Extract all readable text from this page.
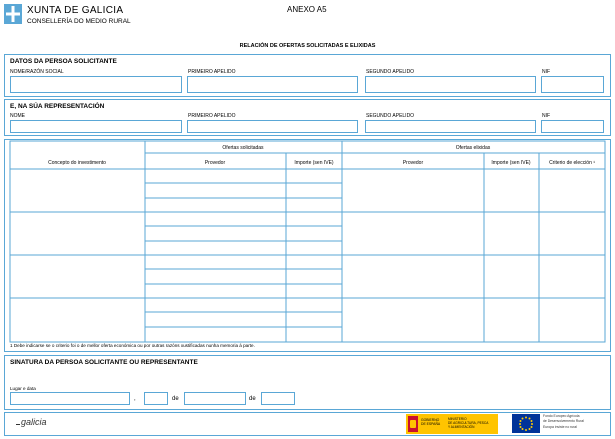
XUNTA DE GALICIA
CONSELLERÍA DO MEDIO RURAL
ANEXO A5
RELACIÓN DE OFERTAS SOLICITADAS E ELIXIDAS
DATOS DA PERSOA SOLICITANTE
NOME/RAZÓN SOCIAL	PRIMEIRO APELIDO	SEGUNDO APELIDO	NIF
E, NA SÚA REPRESENTACIÓN
NOME	PRIMEIRO APELIDO	SEGUNDO APELIDO	NIF
Concepto do investimento
Ofertas solicitadas	Ofertas elixidas
Provedor	Importe (sen IVE)	Provedor	Importe (sen IVE)	Criterio de elección ¹
1 Debe indicarse se o criterio foi o de mellor oferta económica ou por outras razóns xustificadas nunha memoria á parte.
SINATURA DA PERSOA SOLICITANTE OU REPRESENTANTE
Lugar e data
,	de	de
galicia	GOBIERNO
DE ESPAÑA
MINISTERIO
DE AGRICULTURA, PESCA
Y ALIMENTACIÓN
Fondo Europeo Agrícola
de Desenvolvemento Rural
Europa inviste no rural
